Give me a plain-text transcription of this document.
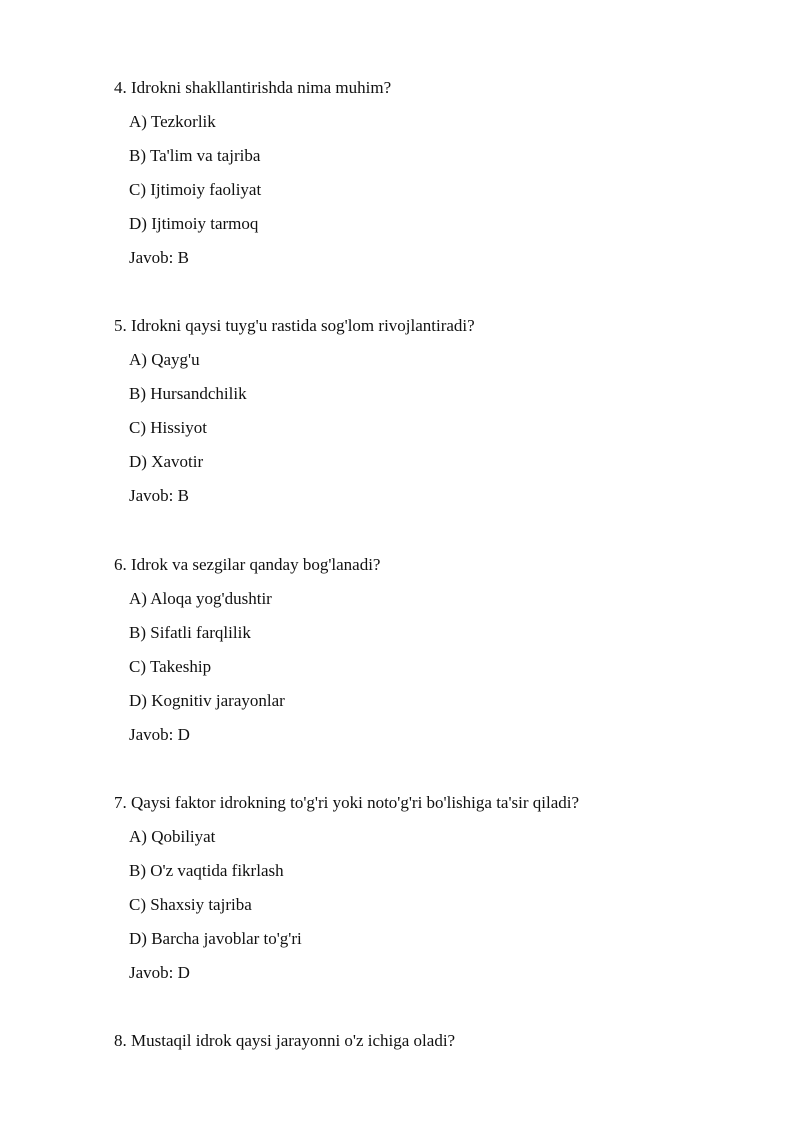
4. Idrokni shakllantirishda nima muhim?
A) Tezkorlik
B) Ta'lim va tajriba
C) Ijtimoiy faoliyat
D) Ijtimoiy tarmoq
Javob: B
5. Idrokni qaysi tuyg'u rastida sog'lom rivojlantiradi?
A) Qayg'u
B) Hursandchilik
C) Hissiyot
D) Xavotir
Javob: B
6. Idrok va sezgilar qanday bog'lanadi?
A) Aloqa yog'dushtir
B) Sifatli farqlilik
C) Takeship
D) Kognitiv jarayonlar
Javob: D
7. Qaysi faktor idrokning to'g'ri yoki noto'g'ri bo'lishiga ta'sir qiladi?
A) Qobiliyat
B) O'z vaqtida fikrlash
C) Shaxsiy tajriba
D) Barcha javoblar to'g'ri
Javob: D
8. Mustaqil idrok qaysi jarayonni o'z ichiga oladi?
